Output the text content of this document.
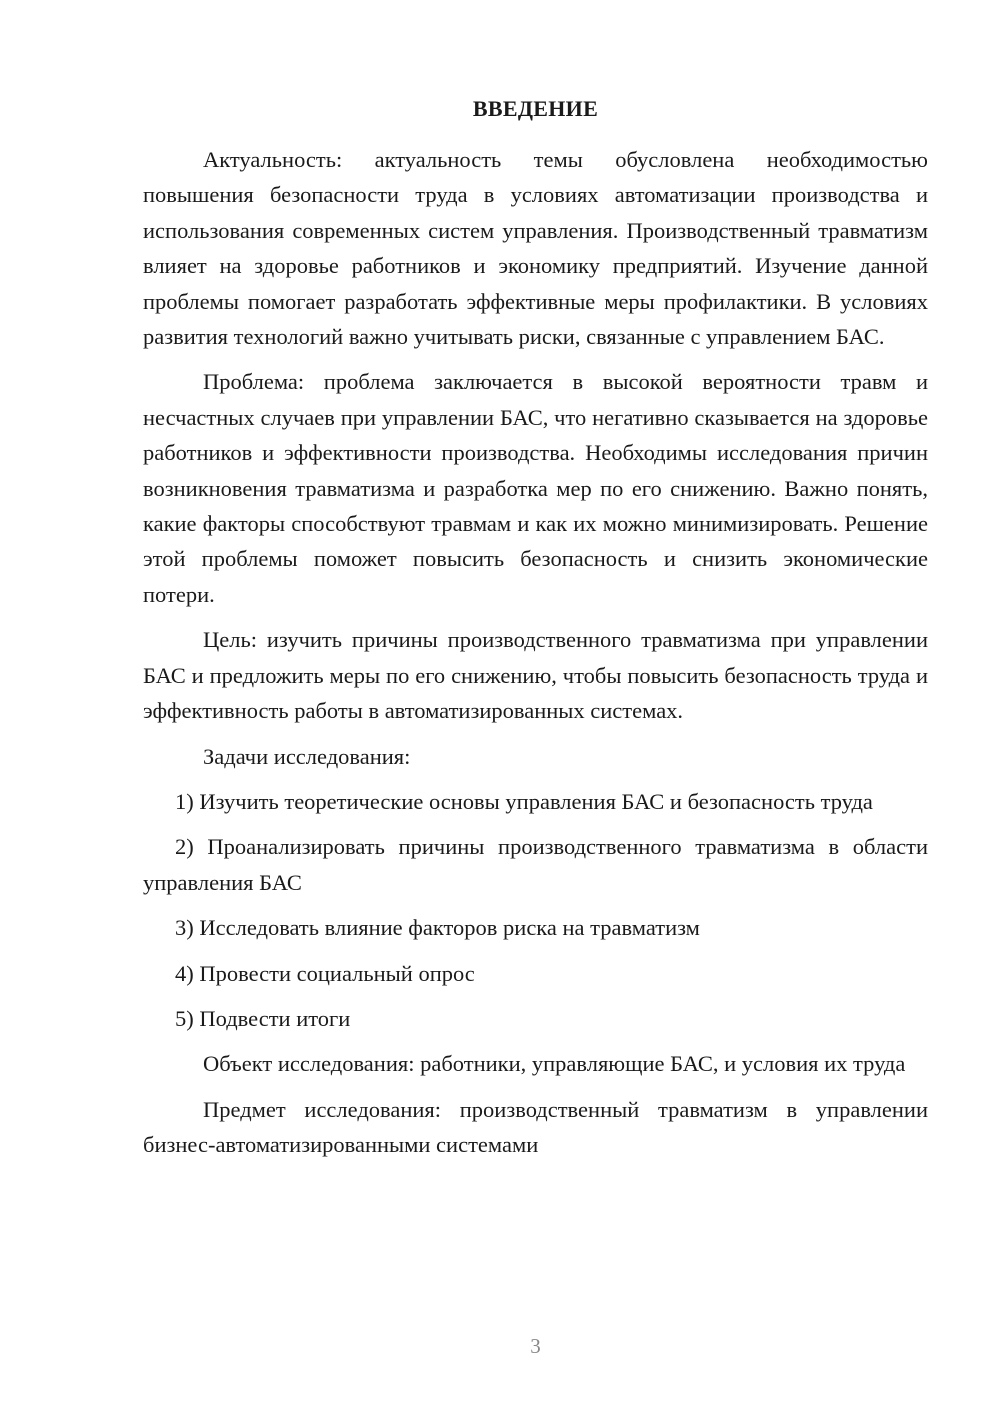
ВВЕДЕНИЕ

Актуальность: актуальность темы обусловлена необходимостью повышения безопасности труда в условиях автоматизации производства и использования современных систем управления. Производственный травматизм влияет на здоровье работников и экономику предприятий. Изучение данной проблемы помогает разработать эффективные меры профилактики. В условиях развития технологий важно учитывать риски, связанные с управлением БАС.

Проблема: проблема заключается в высокой вероятности травм и несчастных случаев при управлении БАС, что негативно сказывается на здоровье работников и эффективности производства. Необходимы исследования причин возникновения травматизма и разработка мер по его снижению. Важно понять, какие факторы способствуют травмам и как их можно минимизировать. Решение этой проблемы поможет повысить безопасность и снизить экономические потери.

Цель: изучить причины производственного травматизма при управлении БАС и предложить меры по его снижению, чтобы повысить безопасность труда и эффективность работы в автоматизированных системах.

Задачи исследования:

1) Изучить теоретические основы управления БАС и безопасность труда

2) Проанализировать причины производственного травматизма в области управления БАС

3) Исследовать влияние факторов риска на травматизм

4) Провести социальный опрос

5) Подвести итоги

Объект исследования: работники, управляющие БАС, и условия их труда

Предмет исследования: производственный травматизм в управлении бизнес-автоматизированными системами

3
